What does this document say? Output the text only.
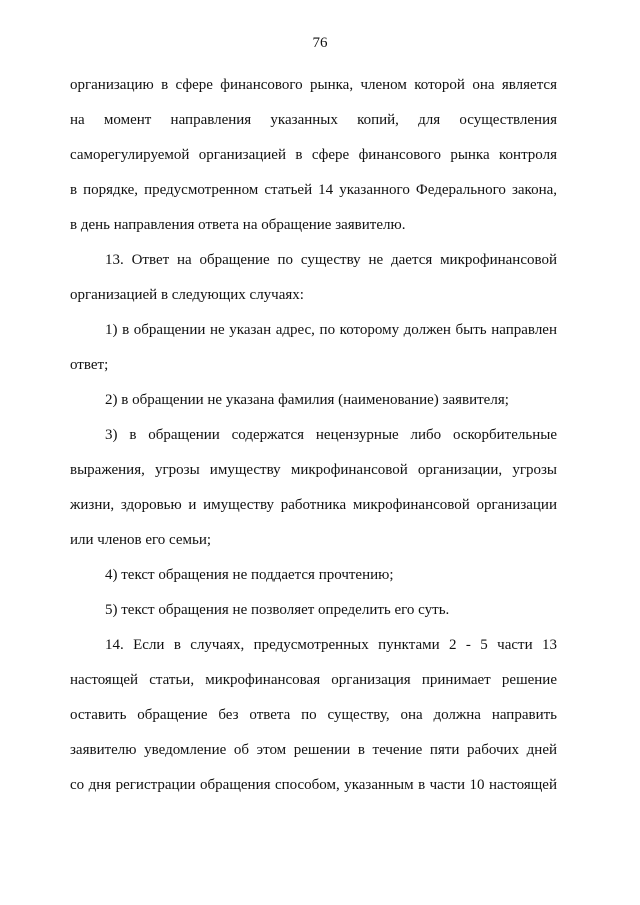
76
организацию в сфере финансового рынка, членом которой она является
на момент направления указанных копий, для осуществления
саморегулируемой организацией в сфере финансового рынка контроля
в порядке, предусмотренном статьей 14 указанного Федерального закона,
в день направления ответа на обращение заявителю.
13. Ответ на обращение по существу не дается микрофинансовой
организацией в следующих случаях:
1) в обращении не указан адрес, по которому должен быть направлен
ответ;
2) в обращении не указана фамилия (наименование) заявителя;
3) в обращении содержатся нецензурные либо оскорбительные
выражения, угрозы имуществу микрофинансовой организации, угрозы
жизни, здоровью и имуществу работника микрофинансовой организации
или членов его семьи;
4) текст обращения не поддается прочтению;
5) текст обращения не позволяет определить его суть.
14. Если в случаях, предусмотренных пунктами 2 - 5 части 13
настоящей статьи, микрофинансовая организация принимает решение
оставить обращение без ответа по существу, она должна направить
заявителю уведомление об этом решении в течение пяти рабочих дней
со дня регистрации обращения способом, указанным в части 10 настоящей
